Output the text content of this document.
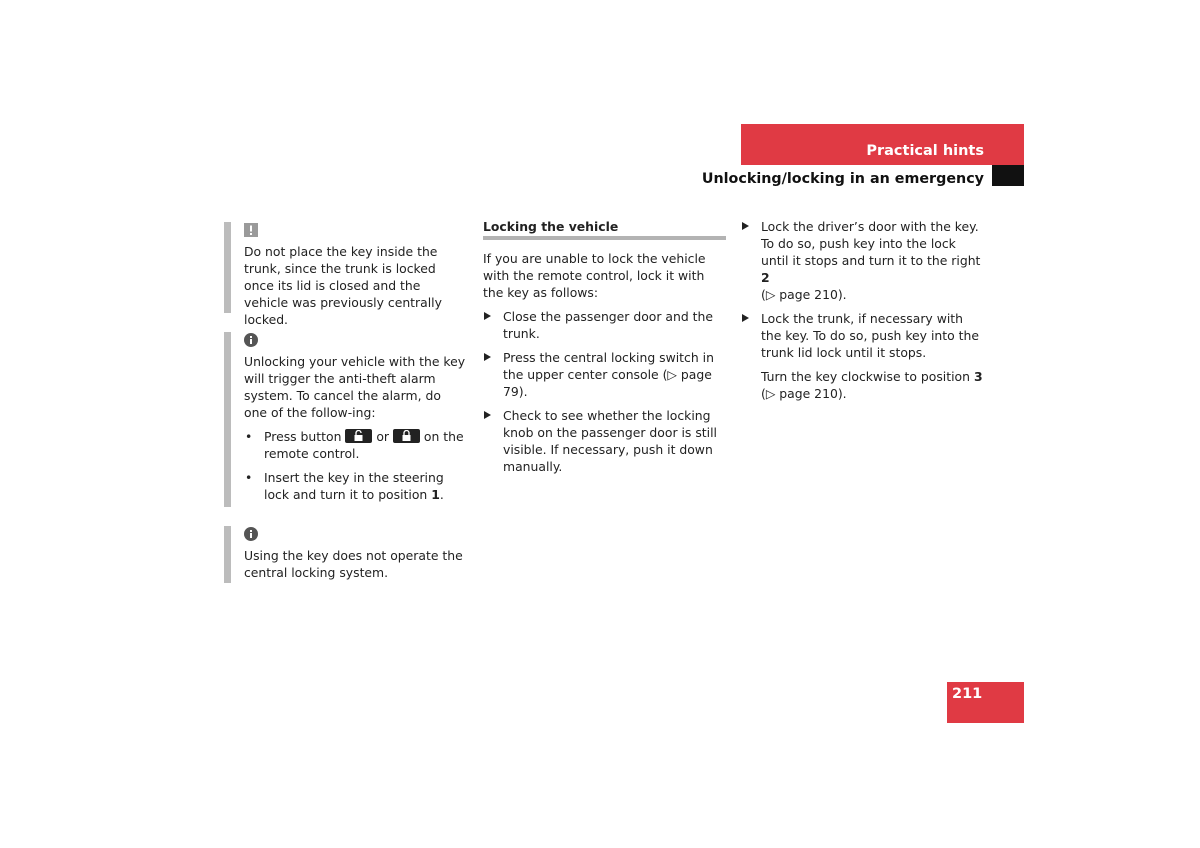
Practical hints
Unlocking/locking in an emergency

Do not place the key inside the trunk, since the trunk is locked once its lid is closed and the vehicle was previously centrally locked.

Unlocking your vehicle with the key will trigger the anti-theft alarm system. To cancel the alarm, do one of the follow-ing:

• Press button	or	on the remote control.
• Insert the key in the steering lock and turn it to position 1.

Using the key does not operate the central locking system.

Locking the vehicle

If you are unable to lock the vehicle with the remote control, lock it with the key as follows:

Close the passenger door and the trunk.
Press the central locking switch in the upper center console (▷ page 79).
Check to see whether the locking knob on the passenger door is still visible. If necessary, push it down manually.
Lock the driver’s door with the key. To do so, push key into the lock until it stops and turn it to the right 2
(▷ page 210).
Lock the trunk, if necessary with the key. To do so, push key into the trunk lid lock until it stops.
Turn the key clockwise to position 3
(▷ page 210).
211
